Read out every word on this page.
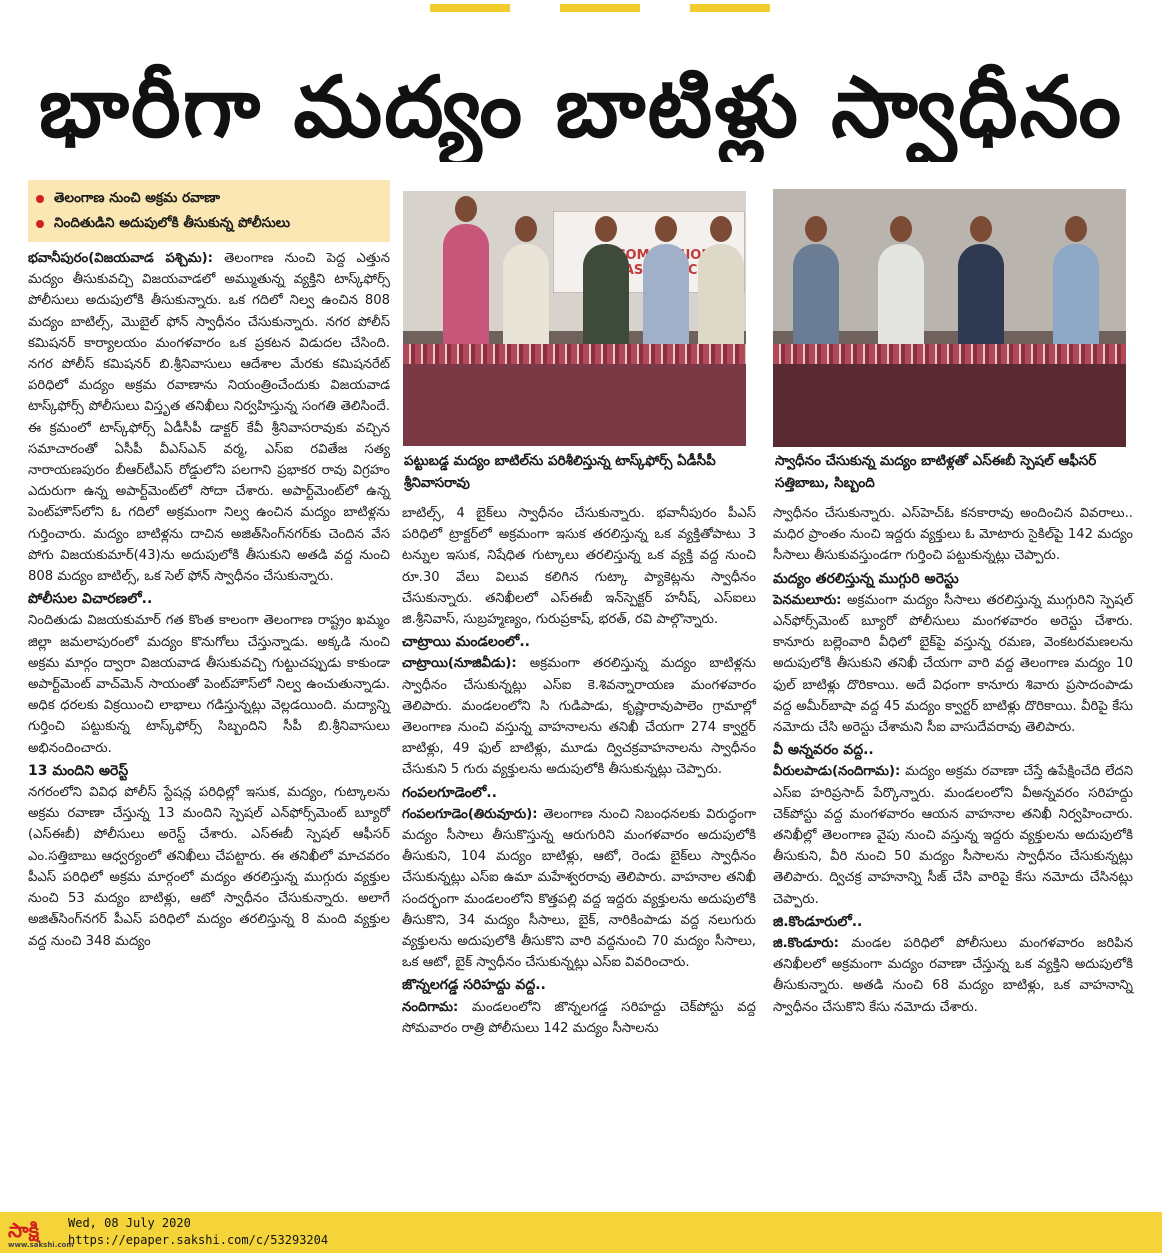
భారీగా మద్యం బాటిళ్లు స్వాధీనం
తెలంగాణ నుంచి అక్రమ రవాణా
నిందితుడిని అదుపులోకి తీసుకున్న పోలీసులు

భవానీపురం(విజయవాడ పశ్చిమ): తెలంగాణ నుంచి పెద్ద ఎత్తున మద్యం తీసుకువచ్చి విజయవాడలో అమ్ముతున్న వ్యక్తిని టాస్క్‌ఫోర్స్ పోలీసులు అదుపులోకి తీసుకున్నారు. ఒక గదిలో నిల్వ ఉంచిన 808 మద్యం బాటిల్స్, మొబైల్ ఫోన్ స్వాధీనం చేసుకున్నారు. నగర పోలీస్ కమిషనర్ కార్యాలయం మంగళవారం ఒక ప్రకటన విడుదల చేసింది. నగర పోలీస్ కమిషనర్ బి.శ్రీనివాసులు ఆదేశాల మేరకు కమిషనరేట్ పరిధిలో మద్యం అక్రమ రవాణాను నియంత్రించేందుకు విజయవాడ టాస్క్‌ఫోర్స్ పోలీసులు విస్తృత తనిఖీలు నిర్వహిస్తున్న సంగతి తెలిసిందే. ఈ క్రమంలో టాస్క్‌ఫోర్స్ ఏడీసీపీ డాక్టర్ కేవీ శ్రీనివాసరావుకు వచ్చిన సమాచారంతో ఏసీపీ వీఎస్‌ఎన్ వర్మ, ఎస్ఐ రవితేజ సత్య నారాయణపురం బీఆర్‌టీఎస్ రోడ్డులోని పలగాని ప్రభాకర రావు విగ్రహం ఎదురుగా ఉన్న అపార్ట్‌మెంట్‌లో సోదా చేశారు. అపార్ట్‌మెంట్‌లో ఉన్న పెంట్‌హౌస్‌లోని ఓ గదిలో అక్రమంగా నిల్వ ఉంచిన మద్యం బాటిళ్లను గుర్తించారు. మద్యం బాటిళ్లను దాచిన అజిత్‌సింగ్‌నగర్‌కు చెందిన వేస పోగు విజయకుమార్(43)ను అదుపులోకి తీసుకుని అతడి వద్ద నుంచి 808 మద్యం బాటిల్స్, ఒక సెల్ ఫోన్ స్వాధీనం చేసుకున్నారు.

పోలీసుల విచారణలో..

నిందితుడు విజయకుమార్ గత కొంత కాలంగా తెలంగాణ రాష్ట్రం ఖమ్మం జిల్లా జమలాపురంలో మద్యం కొనుగోలు చేస్తున్నాడు. అక్కడి నుంచి అక్రమ మార్గం ద్వారా విజయవాడ తీసుకువచ్చి గుట్టుచప్పుడు కాకుండా అపార్ట్‌మెంట్ వాచ్‌మెన్ సాయంతో పెంట్‌హౌస్‌లో నిల్వ ఉంచుతున్నాడు. అధిక ధరలకు విక్రయించి లాభాలు గడిస్తున్నట్లు వెల్లడయింది. మద్యాన్ని గుర్తించి పట్టుకున్న టాస్క్‌ఫోర్స్ సిబ్బందిని సీపీ బి.శ్రీనివాసులు అభినందించారు.

13 మందిని అరెస్ట్

నగరంలోని వివిధ పోలీస్ స్టేషన్ల పరిధిల్లో ఇసుక, మద్యం, గుట్కాలను అక్రమ రవాణా చేస్తున్న 13 మందిని స్పెషల్ ఎన్‌ఫోర్స్‌మెంట్ బ్యూరో (ఎస్‌ఈబీ) పోలీసులు అరెస్ట్ చేశారు. ఎస్‌ఈబీ స్పెషల్ ఆఫీసర్ ఎం.సత్తిబాబు ఆధ్వర్యంలో తనిఖీలు చేపట్టారు. ఈ తనిఖీలో మాచవరం పీఎస్ పరిధిలో అక్రమ మార్గంలో మద్యం తరలిస్తున్న ముగ్గురు వ్యక్తుల నుంచి 53 మద్యం బాటిళ్లు, ఆటో స్వాధీనం చేసుకున్నారు. అలాగే అజిత్‌సింగ్‌నగర్ పీఎస్ పరిధిలో మద్యం తరలిస్తున్న 8 మంది వ్యక్తుల వద్ద నుంచి 348 మద్యం

TASK
పట్టుబడ్డ మద్యం బాటిల్‌ను పరిశీలిస్తున్న టాస్క్‌ఫోర్స్ ఏడీసీపీ శ్రీనివాసరావు
స్వాధీనం చేసుకున్న మద్యం బాటిళ్లతో ఎస్‌ఈబీ స్పెషల్ ఆఫీసర్ సత్తిబాబు, సిబ్బంది

బాటిల్స్, 4 బైక్‌లు స్వాధీనం చేసుకున్నారు. భవానీపురం పీఎస్ పరిధిలో ట్రాక్టర్‌లో అక్రమంగా ఇసుక తరలిస్తున్న ఒక వ్యక్తితోపాటు 3 టన్నుల ఇసుక, నిషేధిత గుట్కాలు తరలిస్తున్న ఒక వ్యక్తి వద్ద నుంచి రూ.30 వేలు విలువ కలిగిన గుట్కా ప్యాకెట్లను స్వాధీనం చేసుకున్నారు. తనిఖీలలో ఎస్‌ఈబీ ఇన్‌స్పెక్టర్ హనీష్, ఎస్ఐలు జి.శ్రీనివాస్, సుబ్రహ్మణ్యం, గురుప్రకాష్, భరత్, రవి పాల్గొన్నారు.

చాట్రాయి మండలంలో..

చాట్రాయి(నూజివీడు): అక్రమంగా తరలిస్తున్న మద్యం బాటిళ్లను స్వాధీనం చేసుకున్నట్లు ఎస్ఐ కె.శివన్నారాయణ మంగళవారం తెలిపారు. మండలంలోని సి గుడిపాడు, కృష్ణారావుపాలెం గ్రామాల్లో తెలంగాణ నుంచి వస్తున్న వాహనాలను తనిఖీ చేయగా 274 క్వార్టర్ బాటిళ్లు, 49 ఫుల్ బాటిళ్లు, మూడు ద్విచక్రవాహనాలను స్వాధీనం చేసుకుని 5 గురు వ్యక్తులను అదుపులోకి తీసుకున్నట్లు చెప్పారు.

గంపలగూడెంలో..

గంపలగూడెం(తిరువూరు): తెలంగాణ నుంచి నిబంధనలకు విరుద్ధంగా మద్యం సీసాలు తీసుకొస్తున్న ఆరుగురిని మంగళవారం అదుపులోకి తీసుకుని, 104 మద్యం బాటిళ్లు, ఆటో, రెండు బైక్‌లు స్వాధీనం చేసుకున్నట్లు ఎస్ఐ ఉమా మహేశ్వరరావు తెలిపారు. వాహనాల తనిఖీ సందర్భంగా మండలంలోని కొత్తపల్లి వద్ద ఇద్దరు వ్యక్తులను అదుపులోకి తీసుకొని, 34 మద్యం సీసాలు, బైక్, నారికింపాడు వద్ద నలుగురు వ్యక్తులను అదుపులోకి తీసుకొని వారి వద్దనుంచి 70 మద్యం సీసాలు, ఒక ఆటో, బైక్ స్వాధీనం చేసుకున్నట్లు ఎస్ఐ వివరించారు.

జొన్నలగడ్డ సరిహద్దు వద్ద..

నందిగామ: మండలంలోని జొన్నలగడ్డ సరిహద్దు చెక్‌పోస్టు వద్ద సోమవారం రాత్రి పోలీసులు 142 మద్యం సీసాలను

స్వాధీనం చేసుకున్నారు. ఎస్‌హెచ్ఓ కనకారావు అందించిన వివరాలు.. మధిర ప్రాంతం నుంచి ఇద్దరు వ్యక్తులు ఓ మోటారు సైకిల్‌పై 142 మద్యం సీసాలు తీసుకువస్తుండగా గుర్తించి పట్టుకున్నట్లు చెప్పారు.

మద్యం తరలిస్తున్న ముగ్గురి అరెస్టు

పెనమలూరు: అక్రమంగా మద్యం సీసాలు తరలిస్తున్న ముగ్గురిని స్పెషల్ ఎన్‌ఫోర్స్‌మెంట్ బ్యూరో పోలీసులు మంగళవారం అరెస్టు చేశారు. కానూరు బల్లెంవారి వీధిలో బైక్‌పై వస్తున్న రమణ, వెంకటరమణలను అదుపులోకి తీసుకుని తనిఖీ చేయగా వారి వద్ద తెలంగాణ మద్యం 10 ఫుల్ బాటిళ్లు దొరికాయి. అదే విధంగా కానూరు శివారు ప్రసాదంపాడు వద్ద అమీర్‌బాషా వద్ద 45 మద్యం క్వార్టర్ బాటిళ్లు దొరికాయి. వీరిపై కేసు నమోదు చేసి అరెస్టు చేశామని సీఐ వాసుదేవరావు తెలిపారు.

వీ అన్నవరం వద్ద..

వీరులపాడు(నందిగామ): మద్యం అక్రమ రవాణా చేస్తే ఉపేక్షించేది లేదని ఎస్ఐ హరిప్రసాద్ పేర్కొన్నారు. మండలంలోని వీఅన్నవరం సరిహద్దు చెక్‌పోస్టు వద్ద మంగళవారం ఆయన వాహనాల తనిఖీ నిర్వహించారు. తనిఖీల్లో తెలంగాణ వైపు నుంచి వస్తున్న ఇద్దరు వ్యక్తులను అదుపులోకి తీసుకుని, వీరి నుంచి 50 మద్యం సీసాలను స్వాధీనం చేసుకున్నట్లు తెలిపారు. ద్విచక్ర వాహనాన్ని సీజ్ చేసి వారిపై కేసు నమోదు చేసినట్లు చెప్పారు.

జి.కొండూరులో..

జి.కొండూరు: మండల పరిధిలో పోలీసులు మంగళవారం జరిపిన తనిఖీలలో అక్రమంగా మద్యం రవాణా చేస్తున్న ఒక వ్యక్తిని అదుపులోకి తీసుకున్నారు. అతడి నుంచి 68 మద్యం బాటిళ్లు, ఒక వాహనాన్ని స్వాధీనం చేసుకొని కేసు నమోదు చేశారు.

సాక్షి
www.sakshi.com
Wed, 08 July 2020
https://epaper.sakshi.com/c/53293204
